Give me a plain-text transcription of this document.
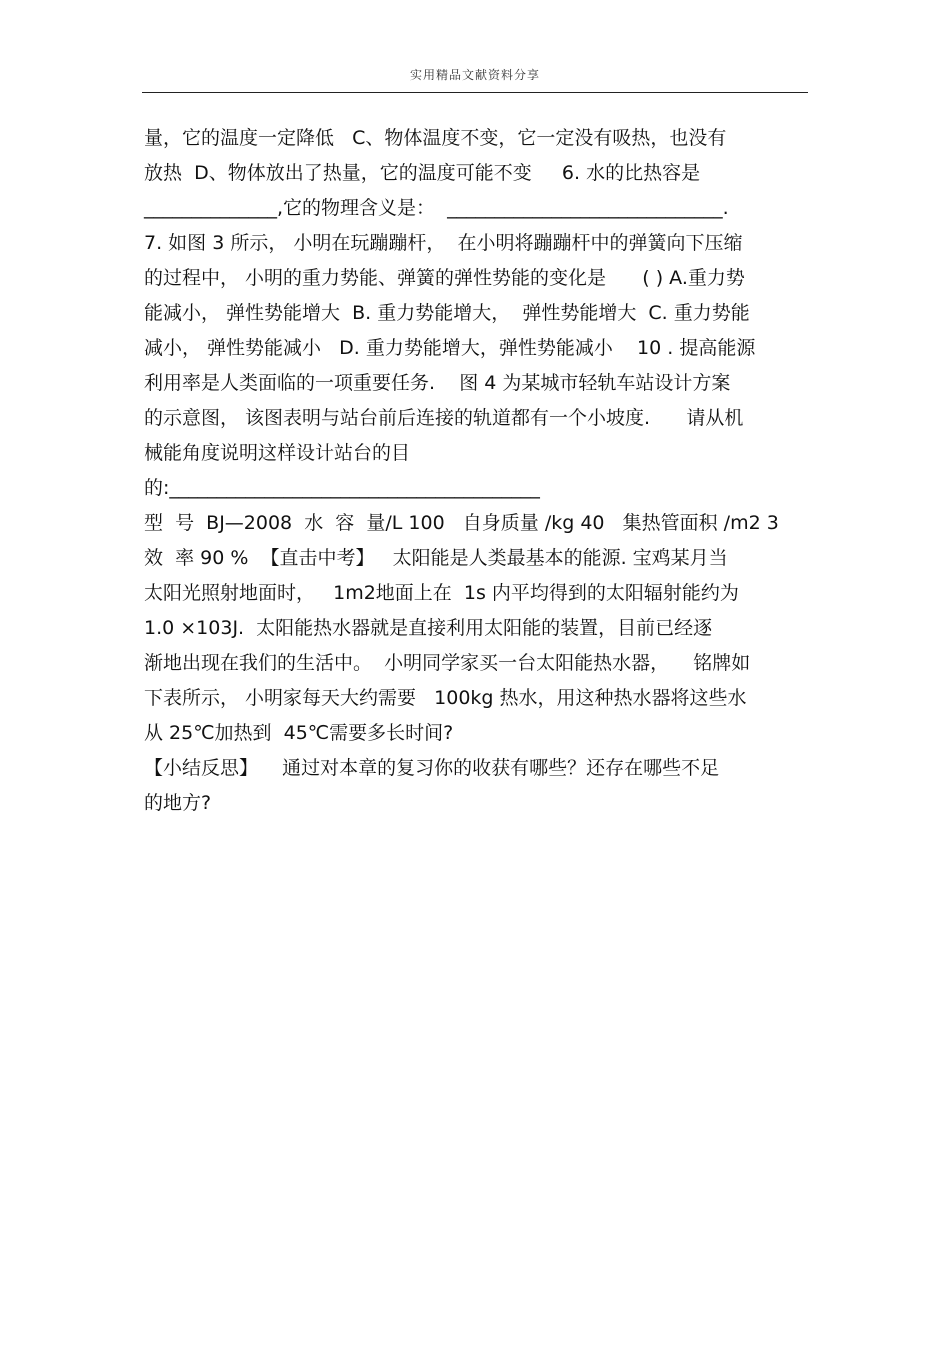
实用精品文献资料分享
量，它的温度一定降低   C、物体温度不变，它一定没有吸热，也没有
放热  D、物体放出了热量，它的温度可能不变     6. 水的比热容是
______________,它的物理含义是：  _____________________________.
7. 如图 3 所示， 小明在玩蹦蹦杆，  在小明将蹦蹦杆中的弹簧向下压缩
的过程中， 小明的重力势能、弹簧的弹性势能的变化是      ( ) A.重力势
能减小， 弹性势能增大  B. 重力势能增大，  弹性势能增大  C. 重力势能
减小， 弹性势能减小   D. 重力势能增大，弹性势能减小    10 . 提高能源
利用率是人类面临的一项重要任务.    图 4 为某城市轻轨车站设计方案
的示意图， 该图表明与站台前后连接的轨道都有一个小坡度.      请从机
械能角度说明这样设计站台的目
的:_______________________________________
型  号  BJ—2008  水  容  量/L 100   自身质量 /kg 40   集热管面积 /m2 3
效  率 90 %  【直击中考】   太阳能是人类最基本的能源. 宝鸡某月当
太阳光照射地面时，   1m2地面上在  1s 内平均得到的太阳辐射能约为
1.0 ×103J.  太阳能热水器就是直接利用太阳能的装置，目前已经逐
渐地出现在我们的生活中。  小明同学家买一台太阳能热水器，    铭牌如
下表所示， 小明家每天大约需要   100kg 热水，用这种热水器将这些水
从 25℃加热到  45℃需要多长时间?
【小结反思】    通过对本章的复习你的收获有哪些？还存在哪些不足
的地方?
